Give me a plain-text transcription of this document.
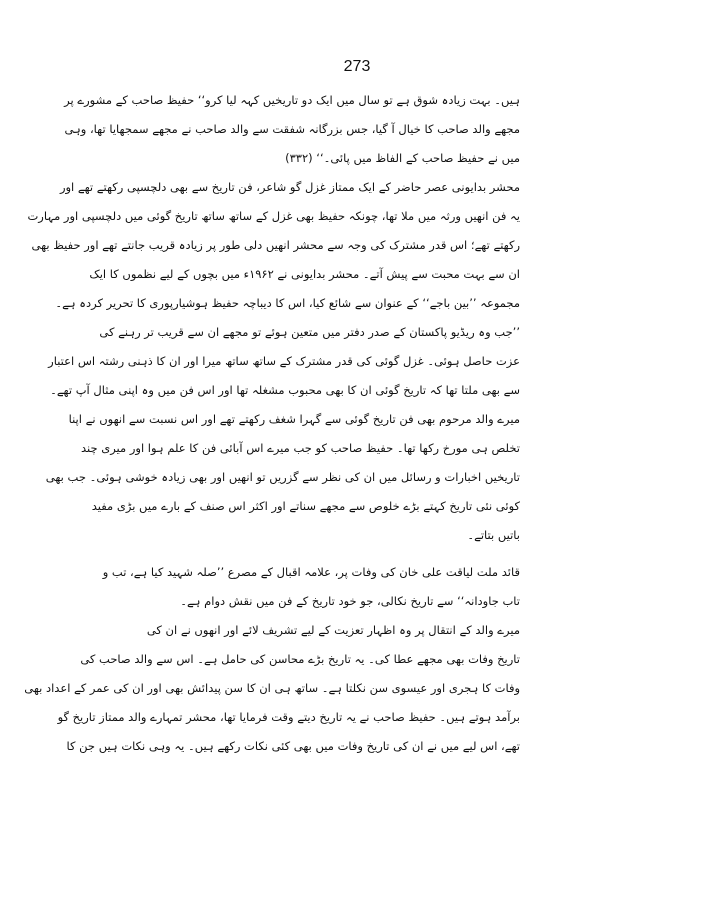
273
ہیں۔ بہت زیادہ شوق ہے تو سال میں ایک دو تاریخیں کہہ لیا کرو‘‘ حفیظ صاحب کے مشورے پر
مجھے والد صاحب کا خیال آ گیا، جس بزرگانہ شفقت سے والد صاحب نے مجھے سمجھایا تھا، وہی
میں نے حفیظ صاحب کے الفاظ میں پائی۔‘‘ (۳۳۲)
محشر بدایونی عصر حاضر کے ایک ممتاز غزل گو شاعر، فن تاریخ سے بھی دلچسپی رکھتے تھے اور
یہ فن انھیں ورثہ میں ملا تھا، چونکہ حفیظ بھی غزل کے ساتھ ساتھ تاریخ گوئی میں دلچسپی اور مہارت
رکھتے تھے؛ اس قدر مشترک کی وجہ سے محشر انھیں دلی طور پر زیادہ قریب جانتے تھے اور حفیظ بھی
ان سے بہت محبت سے پیش آتے۔ محشر بدایونی نے ۱۹۶۲ء میں بچوں کے لیے نظموں کا ایک
مجموعہ ’’بین باجے‘‘ کے عنوان سے شائع کیا، اس کا دیباچہ حفیظ ہوشیارپوری کا تحریر کردہ ہے۔
’’جب وہ ریڈیو پاکستان کے صدر دفتر میں متعین ہوئے تو مجھے ان سے قریب تر رہنے کی
عزت حاصل ہوئی۔ غزل گوئی کی قدر مشترک کے ساتھ ساتھ میرا اور ان کا ذہنی رشتہ اس اعتبار
سے بھی ملتا تھا کہ تاریخ گوئی ان کا بھی محبوب مشغلہ تھا اور اس فن میں وہ اپنی مثال آپ تھے۔
میرے والد مرحوم بھی فن تاریخ گوئی سے گہرا شغف رکھتے تھے اور اس نسبت سے انھوں نے اپنا
تخلص ہی مورخ رکھا تھا۔ حفیظ صاحب کو جب میرے اس آبائی فن کا علم ہوا اور میری چند
تاریخیں اخبارات و رسائل میں ان کی نظر سے گزریں تو انھیں اور بھی زیادہ خوشی ہوئی۔ جب بھی
کوئی نئی تاریخ کہتے بڑے خلوص سے مجھے سناتے اور اکثر اس صنف کے بارے میں بڑی مفید
باتیں بتاتے۔
قائد ملت لیاقت علی خان کی وفات پر، علامہ اقبال کے مصرع ’’صلہ شہید کیا ہے، تب و
تاب جاودانہ‘‘ سے تاریخ نکالی، جو خود تاریخ کے فن میں نقش دوام ہے۔
میرے والد کے انتقال پر وہ اظہار تعزیت کے لیے تشریف لائے اور انھوں نے ان کی
تاریخ وفات بھی مجھے عطا کی۔ یہ تاریخ بڑے محاسن کی حامل ہے۔ اس سے والد صاحب کی
وفات کا ہجری اور عیسوی سن نکلتا ہے۔ ساتھ ہی ان کا سن پیدائش بھی اور ان کی عمر کے اعداد بھی
برآمد ہوتے ہیں۔ حفیظ صاحب نے یہ تاریخ دیتے وقت فرمایا تھا، محشر تمہارے والد ممتاز تاریخ گو
تھے، اس لیے میں نے ان کی تاریخ وفات میں بھی کئی نکات رکھے ہیں۔ یہ وہی نکات ہیں جن کا
